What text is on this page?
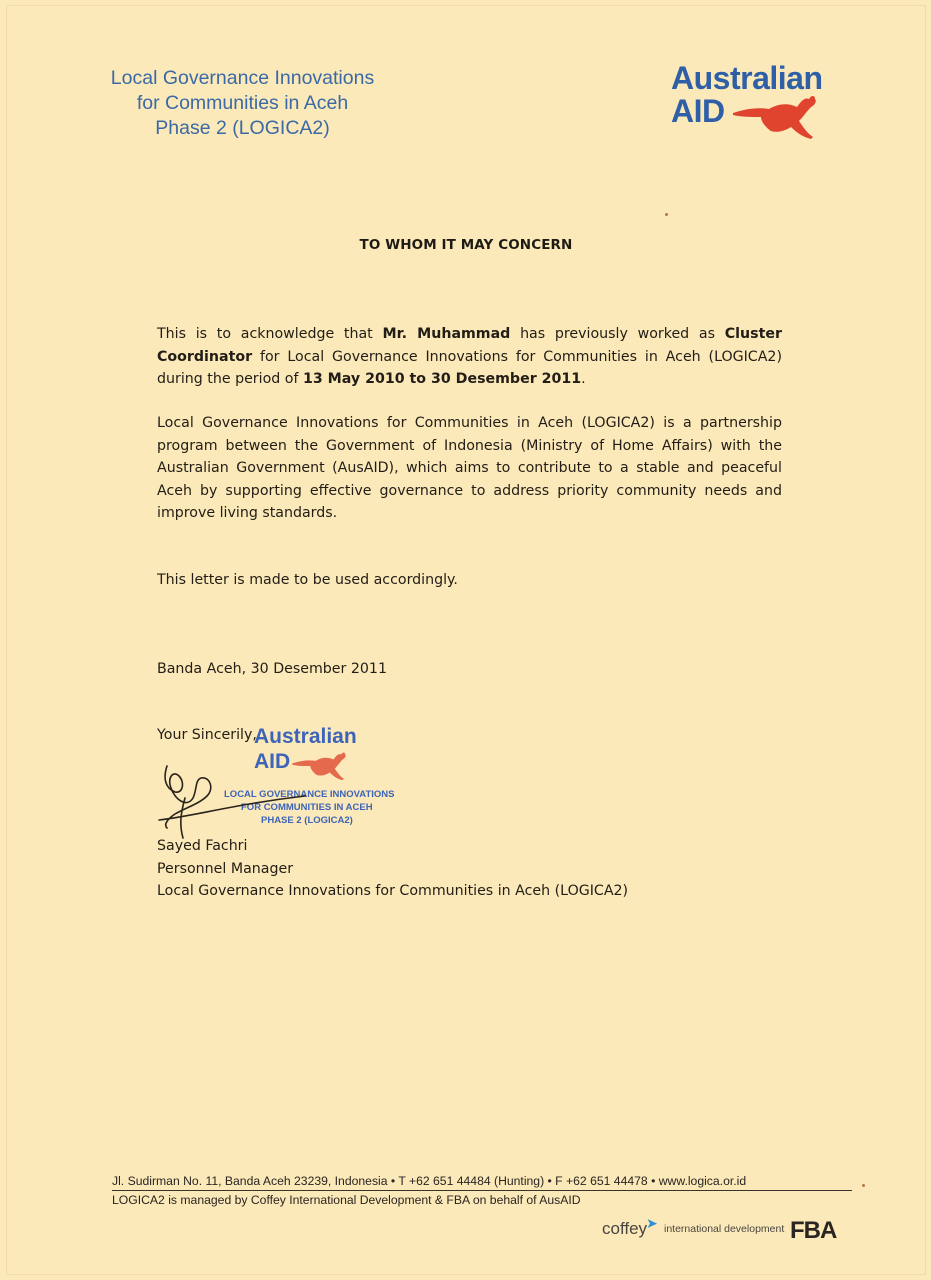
Local Governance Innovations
for Communities in Aceh
Phase 2 (LOGICA2)
Australian
AID
TO WHOM IT MAY CONCERN
This is to acknowledge that Mr. Muhammad has previously worked as Cluster Coordinator for Local Governance Innovations for Communities in Aceh (LOGICA2) during the period of 13 May 2010 to 30 Desember 2011.
Local Governance Innovations for Communities in Aceh (LOGICA2) is a partnership program between the Government of Indonesia (Ministry of Home Affairs) with the Australian Government (AusAID), which aims to contribute to a stable and peaceful Aceh by supporting effective governance to address priority community needs and improve living standards.
This letter is made to be used accordingly.
Banda Aceh, 30 Desember 2011
Your Sincerily,
Australian
AID
LOCAL GOVERNANCE INNOVATIONS
FOR COMMUNITIES IN ACEH
PHASE 2 (LOGICA2)
Sayed Fachri
Personnel Manager
Local Governance Innovations for Communities in Aceh (LOGICA2)
Jl. Sudirman No. 11, Banda Aceh 23239, Indonesia • T +62 651 44484 (Hunting) • F +62 651 44478 • www.logica.or.id
LOGICA2 is managed by Coffey International Development & FBA on behalf of AusAID
coffey
➤ international development FBA
